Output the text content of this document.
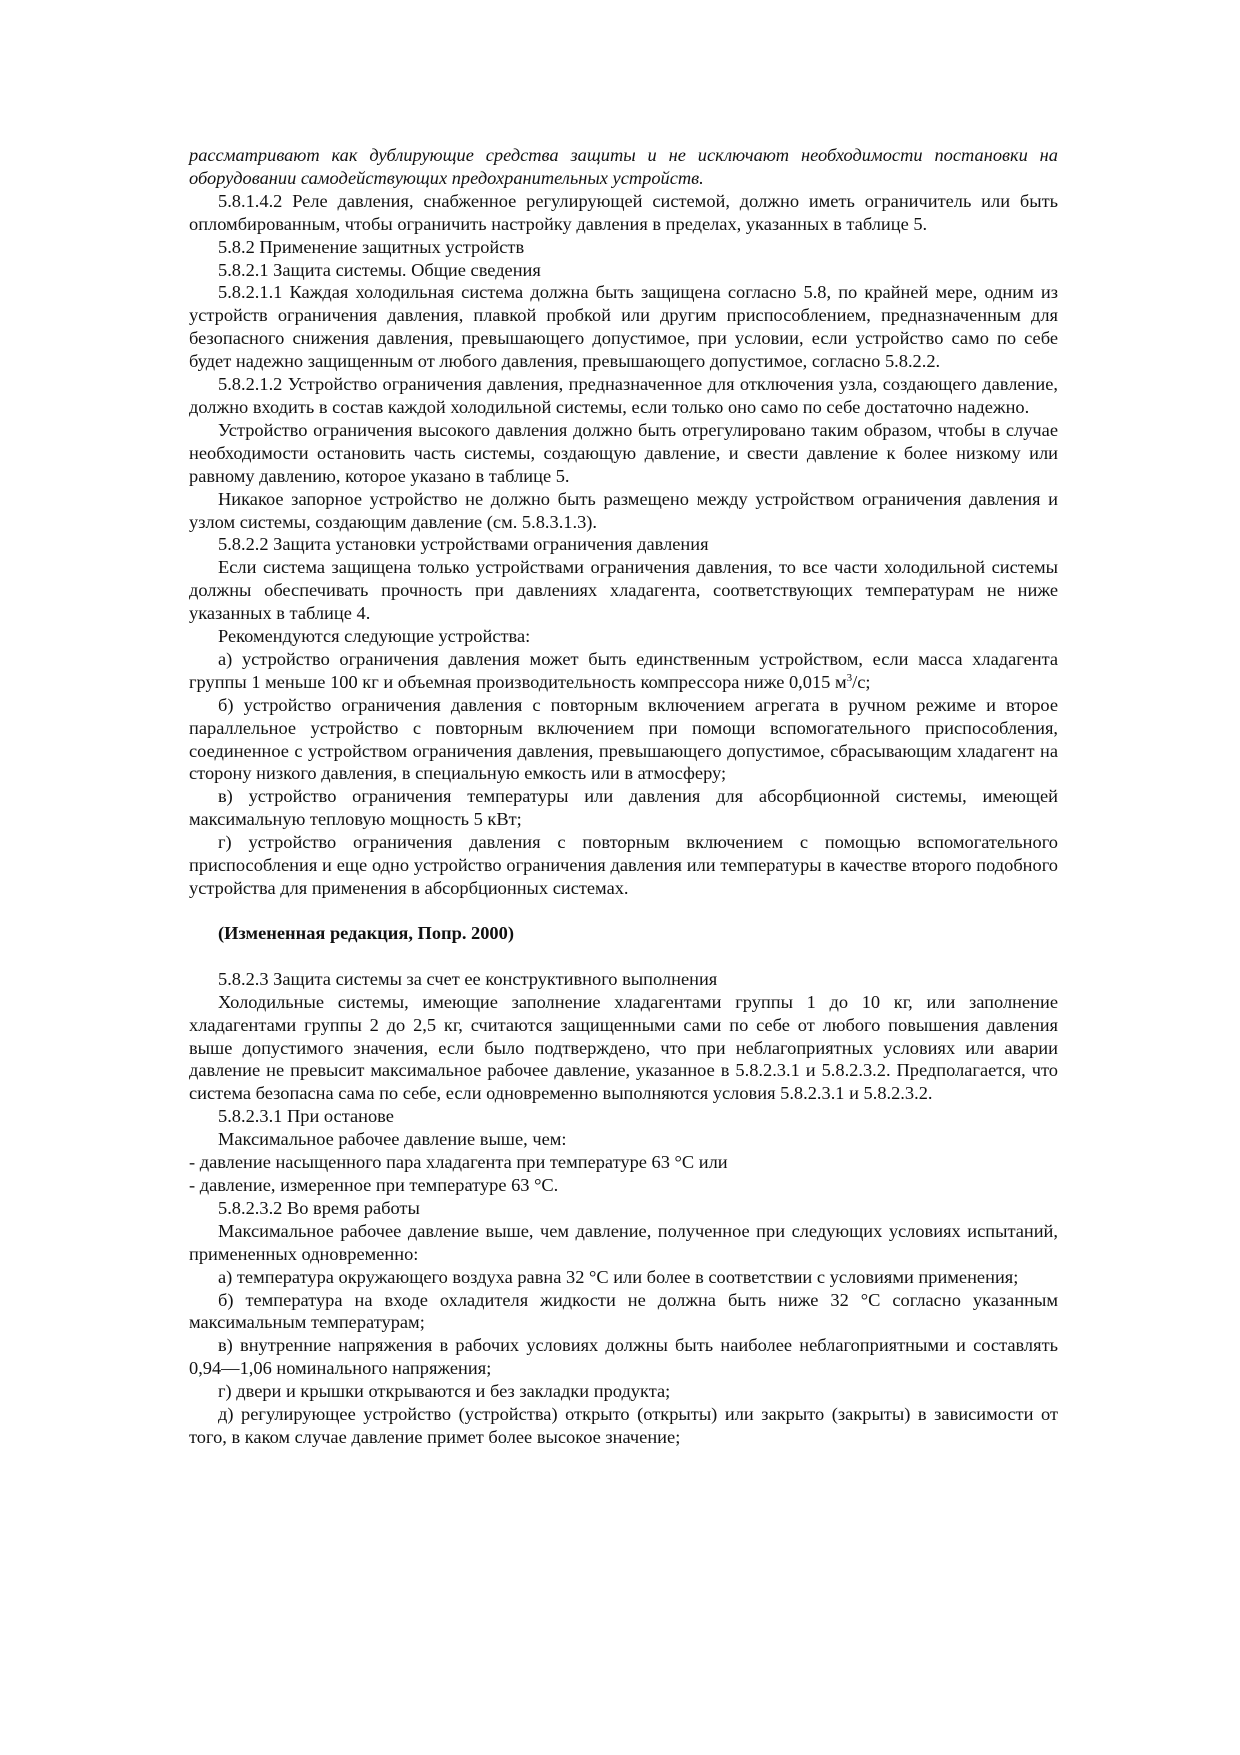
рассматривают как дублирующие средства защиты и не исключают необходимости постановки на оборудовании самодействующих предохранительных устройств.

5.8.1.4.2 Реле давления, снабженное регулирующей системой, должно иметь ограничитель или быть опломбированным, чтобы ограничить настройку давления в пределах, указанных в таблице 5.

5.8.2 Применение защитных устройств

5.8.2.1 Защита системы. Общие сведения

5.8.2.1.1 Каждая холодильная система должна быть защищена согласно 5.8, по крайней мере, одним из устройств ограничения давления, плавкой пробкой или другим приспособлением, предназначенным для безопасного снижения давления, превышающего допустимое, при условии, если устройство само по себе будет надежно защищенным от любого давления, превышающего допустимое, согласно 5.8.2.2.

5.8.2.1.2 Устройство ограничения давления, предназначенное для отключения узла, создающего давление, должно входить в состав каждой холодильной системы, если только оно само по себе достаточно надежно.

Устройство ограничения высокого давления должно быть отрегулировано таким образом, чтобы в случае необходимости остановить часть системы, создающую давление, и свести давление к более низкому или равному давлению, которое указано в таблице 5.

Никакое запорное устройство не должно быть размещено между устройством ограничения давления и узлом системы, создающим давление (см. 5.8.3.1.3).

5.8.2.2 Защита установки устройствами ограничения давления

Если система защищена только устройствами ограничения давления, то все части холодильной системы должны обеспечивать прочность при давлениях хладагента, соответствующих температурам не ниже указанных в таблице 4.

Рекомендуются следующие устройства:

а) устройство ограничения давления может быть единственным устройством, если масса хладагента группы 1 меньше 100 кг и объемная производительность компрессора ниже 0,015 $м^3/с$;

б) устройство ограничения давления с повторным включением агрегата в ручном режиме и второе параллельное устройство с повторным включением при помощи вспомогательного приспособления, соединенное с устройством ограничения давления, превышающего допустимое, сбрасывающим хладагент на сторону низкого давления, в специальную емкость или в атмосферу;

в) устройство ограничения температуры или давления для абсорбционной системы, имеющей максимальную тепловую мощность 5 кВт;

г) устройство ограничения давления с повторным включением с помощью вспомогательного приспособления и еще одно устройство ограничения давления или температуры в качестве второго подобного устройства для применения в абсорбционных системах.

(Измененная редакция, Попр. 2000)

5.8.2.3 Защита системы за счет ее конструктивного выполнения

Холодильные системы, имеющие заполнение хладагентами группы 1 до 10 кг, или заполнение хладагентами группы 2 до 2,5 кг, считаются защищенными сами по себе от любого повышения давления выше допустимого значения, если было подтверждено, что при неблагоприятных условиях или аварии давление не превысит максимальное рабочее давление, указанное в 5.8.2.3.1 и 5.8.2.3.2. Предполагается, что система безопасна сама по себе, если одновременно выполняются условия 5.8.2.3.1 и 5.8.2.3.2.

5.8.2.3.1 При останове

Максимальное рабочее давление выше, чем:

- давление насыщенного пара хладагента при температуре 63 °С или

- давление, измеренное при температуре 63 °С.

5.8.2.3.2 Во время работы

Максимальное рабочее давление выше, чем давление, полученное при следующих условиях испытаний, примененных одновременно:

а) температура окружающего воздуха равна 32 °С или более в соответствии с условиями применения;

б) температура на входе охладителя жидкости не должна быть ниже 32 °С согласно указанным максимальным температурам;

в) внутренние напряжения в рабочих условиях должны быть наиболее неблагоприятными и составлять 0,94—1,06 номинального напряжения;

г) двери и крышки открываются и без закладки продукта;

д) регулирующее устройство (устройства) открыто (открыты) или закрыто (закрыты) в зависимости от того, в каком случае давление примет более высокое значение;
